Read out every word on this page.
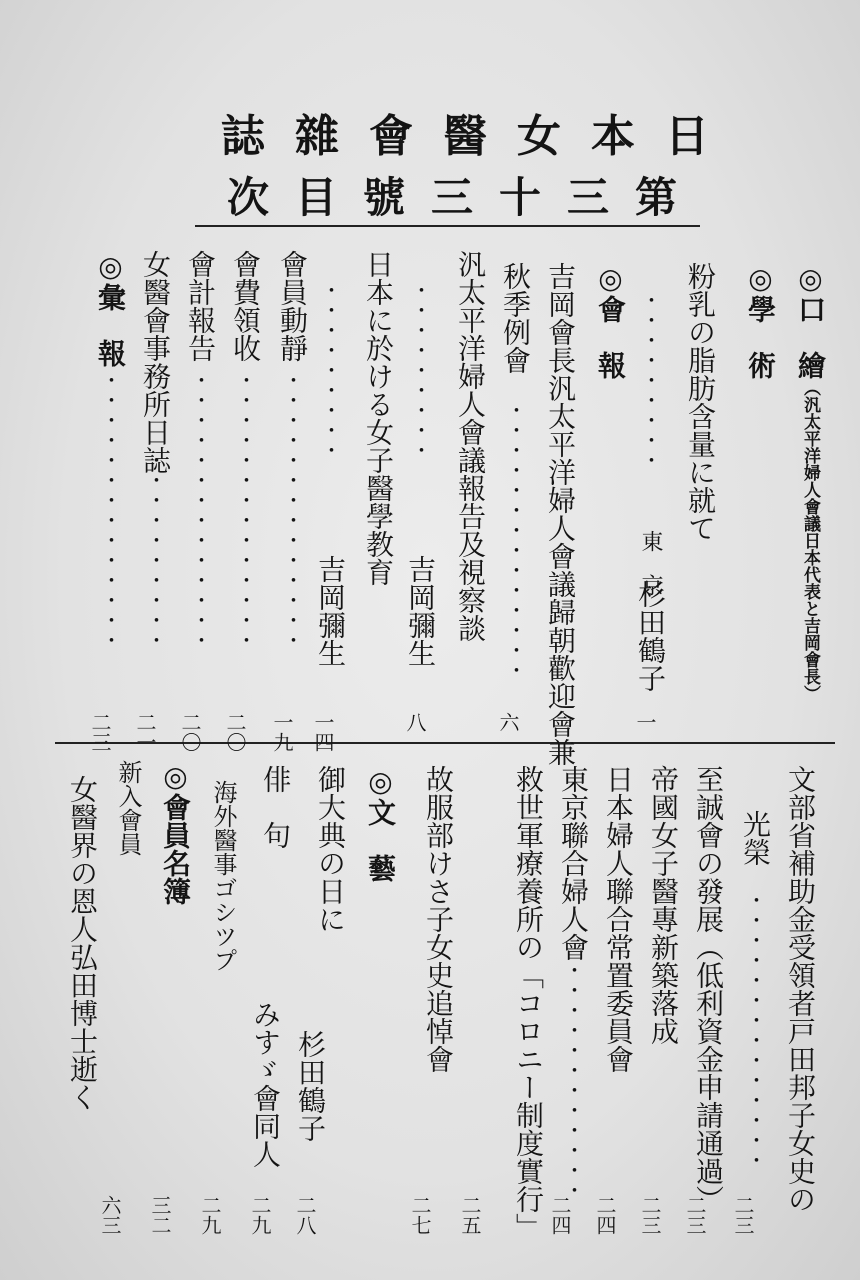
日本女醫會雜誌
第三十三號目次
◎口　繪（汎太平洋婦人會議日本代表と吉岡會長）
◎學　術
粉乳の脂肪含量に就て
・・・・・・・・・
東　京
杉田鶴子
一
◎會　報
吉岡會長汎太平洋婦人會議歸朝歡迎會兼
秋季例會
・・・・・・・・・・・・・・
六
汎太平洋婦人會議報告及視察談
・・・・・・・・・
吉岡彌生
八
日本に於ける女子醫學教育
・・・・・・・・・
吉岡彌生
一四
會員動靜
・・・・・・・・・・・・・・
一九
會費領收
・・・・・・・・・・・・・・
二〇
會計報告
・・・・・・・・・・・・・・
二〇
女醫會事務所日誌
・・・・・・・・・・
二一
◎彙　報
・・・・・・・・・・・・・・
二三
文部省補助金受領者戸田邦子女史の
光榮
・・・・・・・・・・・・・・
二三
至誠會の發展（低利資金申請通過）
二三
帝國女子醫專新築落成
二三
日本婦人聯合常置委員會
二四
東京聯合婦人會
・・・・・・・・・・・・
二四
救世軍療養所の「コロニー制度實行」
二五
故服部けさ子女史追悼會
二七
◎文　藝
御大典の日に
杉田鶴子
二八
俳　句
みすゞ會同人
二九
海外醫事ゴシツプ
二九
◎會員名簿
新入會員
三二
女醫界の恩人弘田博士逝く
六三
